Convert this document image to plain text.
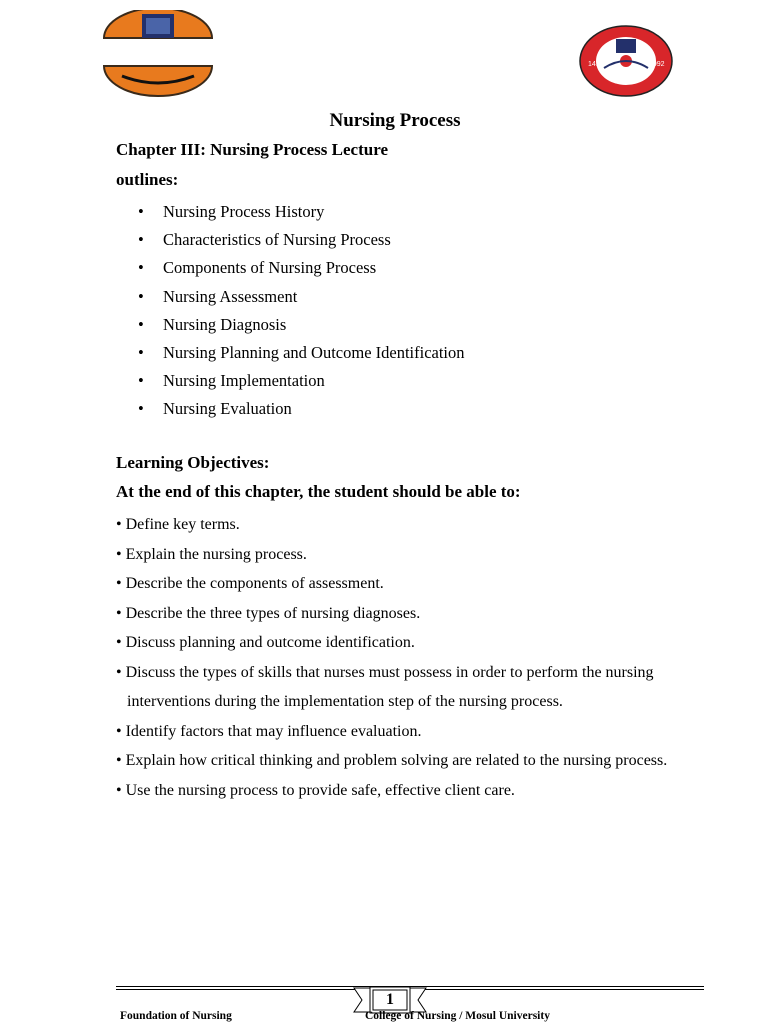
1412	1992
Nursing Process

Chapter III: Nursing Process Lecture

outlines:

• Nursing Process History
• Characteristics of Nursing Process
• Components of Nursing Process
• Nursing Assessment
• Nursing Diagnosis
• Nursing Planning and Outcome Identification
• Nursing Implementation
• Nursing Evaluation

Learning Objectives:

At the end of this chapter, the student should be able to:

• Define key terms.
• Explain the nursing process.
• Describe the components of assessment.
• Describe the three types of nursing diagnoses.
• Discuss planning and outcome identification.
• Discuss the types of skills that nurses must possess in order to perform the nursing interventions during the implementation step of the nursing process.
• Identify factors that may influence evaluation.
• Explain how critical thinking and problem solving are related to the nursing process.
• Use the nursing process to provide safe, effective client care.
1
Foundation of Nursing	College of Nursing / Mosul University
